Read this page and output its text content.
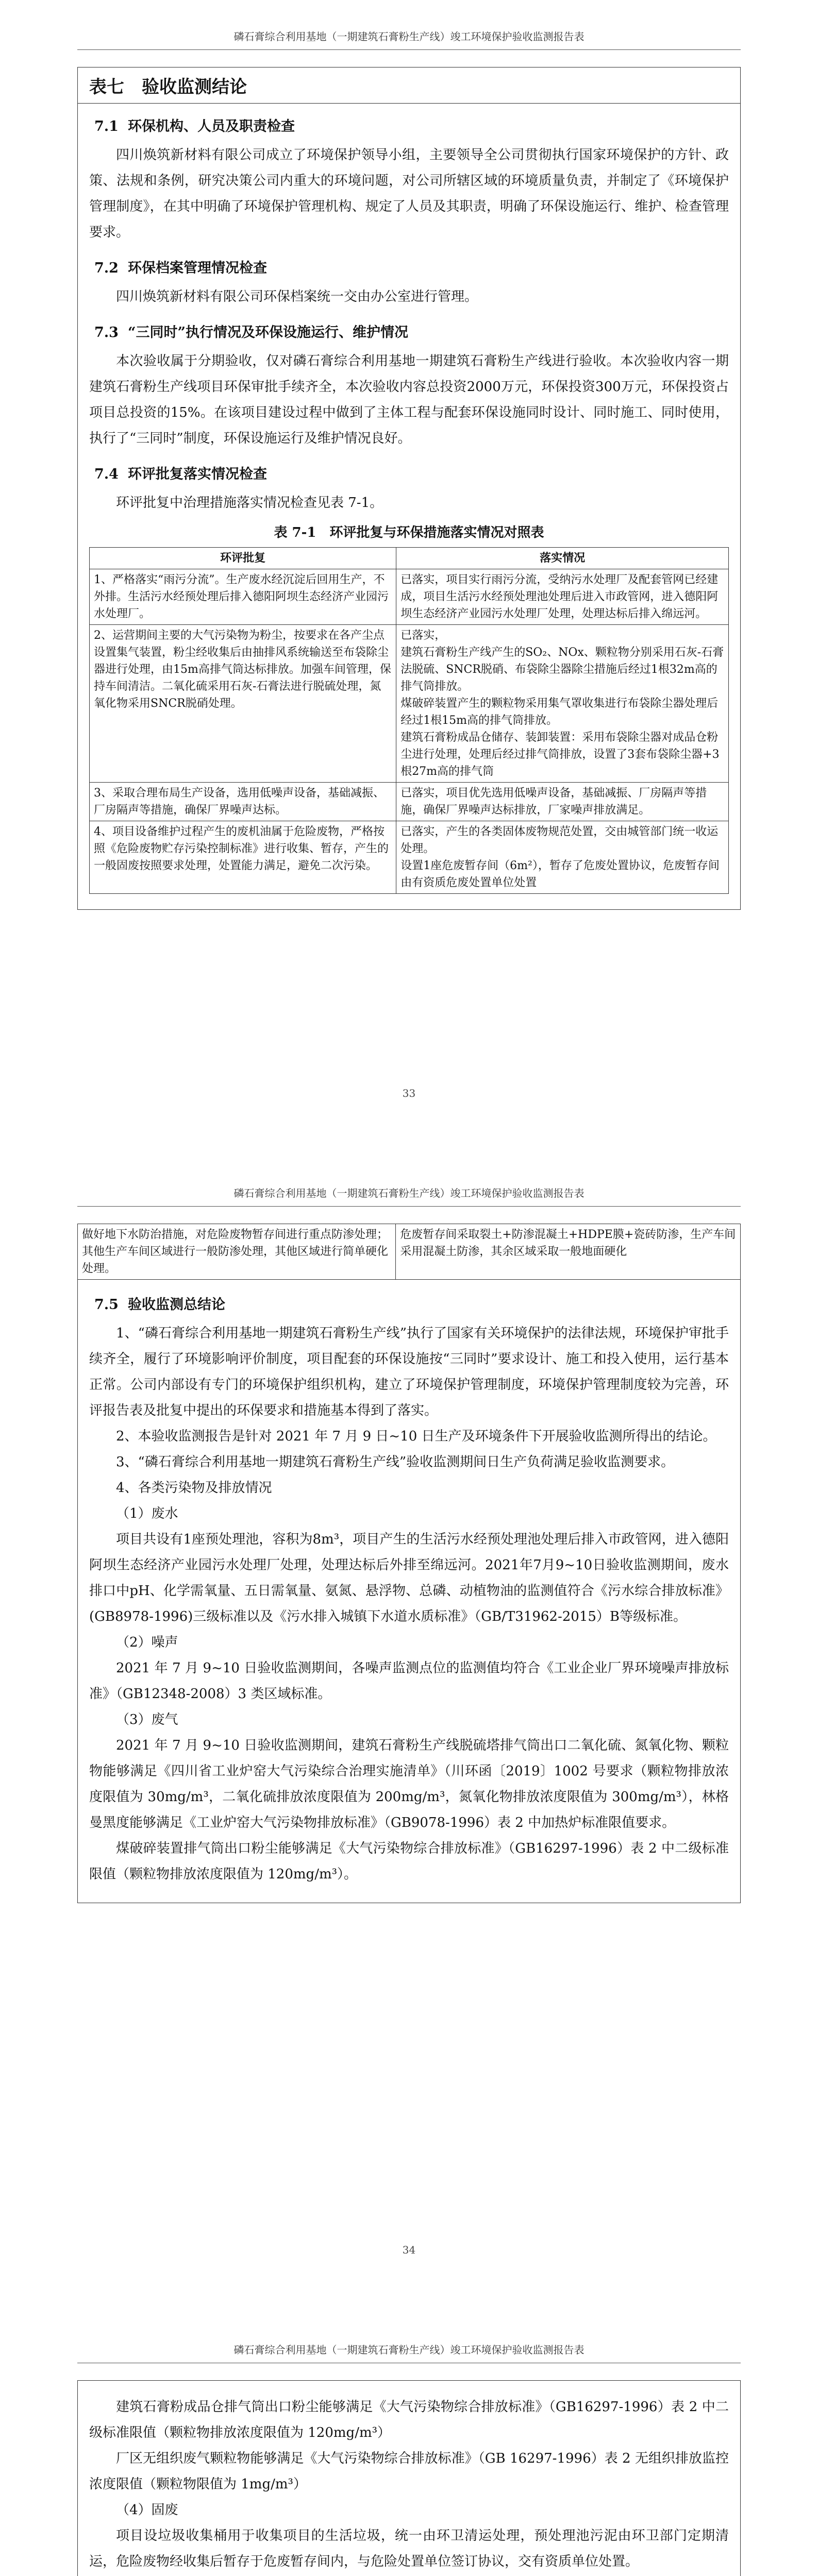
磷石膏综合利用基地（一期建筑石膏粉生产线）竣工环境保护验收监测报告表
表七　验收监测结论
7.1 环保机构、人员及职责检查

四川焕筑新材料有限公司成立了环境保护领导小组，主要领导全公司贯彻执行国家环境保护的方针、政策、法规和条例，研究决策公司内重大的环境问题，对公司所辖区域的环境质量负责，并制定了《环境保护管理制度》，在其中明确了环境保护管理机构、规定了人员及其职责，明确了环保设施运行、维护、检查管理要求。

7.2 环保档案管理情况检查

四川焕筑新材料有限公司环保档案统一交由办公室进行管理。

7.3 “三同时”执行情况及环保设施运行、维护情况

本次验收属于分期验收，仅对磷石膏综合利用基地一期建筑石膏粉生产线进行验收。本次验收内容一期建筑石膏粉生产线项目环保审批手续齐全，本次验收内容总投资2000万元，环保投资300万元，环保投资占项目总投资的15%。在该项目建设过程中做到了主体工程与配套环保设施同时设计、同时施工、同时使用，执行了“三同时”制度，环保设施运行及维护情况良好。

7.4 环评批复落实情况检查

环评批复中治理措施落实情况检查见表 7-1。

表 7-1　环评批复与环保措施落实情况对照表
环评批复	落实情况
1、严格落实“雨污分流”。生产废水经沉淀后回用生产，不外排。生活污水经预处理后排入德阳阿坝生态经济产业园污水处理厂。	已落实，项目实行雨污分流，受纳污水处理厂及配套管网已经建成，项目生活污水经预处理池处理后进入市政管网，进入德阳阿坝生态经济产业园污水处理厂处理，处理达标后排入绵远河。
2、运营期间主要的大气污染物为粉尘，按要求在各产尘点设置集气装置，粉尘经收集后由抽排风系统输送至布袋除尘器进行处理，由15m高排气筒达标排放。加强车间管理，保持车间清洁。二氧化硫采用石灰-石膏法进行脱硫处理，氮氧化物采用SNCR脱硝处理。	已落实，
建筑石膏粉生产线产生的SO₂、NOx、颗粒物分别采用石灰-石膏法脱硫、SNCR脱硝、布袋除尘器除尘措施后经过1根32m高的排气筒排放。
煤破碎装置产生的颗粒物采用集气罩收集进行布袋除尘器处理后经过1根15m高的排气筒排放。
建筑石膏粉成品仓储存、装卸装置：采用布袋除尘器对成品仓粉尘进行处理，处理后经过排气筒排放，设置了3套布袋除尘器+3根27m高的排气筒
3、采取合理布局生产设备，选用低噪声设备，基础减振、厂房隔声等措施，确保厂界噪声达标。	已落实，项目优先选用低噪声设备，基础减振、厂房隔声等措施，确保厂界噪声达标排放，厂家噪声排放满足。
4、项目设备维护过程产生的废机油属于危险废物，严格按照《危险废物贮存污染控制标准》进行收集、暂存，产生的一般固废按照要求处理，处置能力满足，避免二次污染。	已落实，产生的各类固体废物规范处置，交由城管部门统一收运处理。
设置1座危废暂存间（6m²），暂存了危废处置协议，危废暂存间由有资质危废处置单位处置
33
磷石膏综合利用基地（一期建筑石膏粉生产线）竣工环境保护验收监测报告表
做好地下水防治措施，对危险废物暂存间进行重点防渗处理；其他生产车间区域进行一般防渗处理，其他区域进行简单硬化处理。	危废暂存间采取裂土+防渗混凝土+HDPE膜+瓷砖防渗，生产车间采用混凝土防渗，其余区域采取一般地面硬化
7.5 验收监测总结论

1、“磷石膏综合利用基地一期建筑石膏粉生产线”执行了国家有关环境保护的法律法规，环境保护审批手续齐全，履行了环境影响评价制度，项目配套的环保设施按“三同时”要求设计、施工和投入使用，运行基本正常。公司内部设有专门的环境保护组织机构，建立了环境保护管理制度，环境保护管理制度较为完善，环评报告表及批复中提出的环保要求和措施基本得到了落实。

2、本验收监测报告是针对 2021 年 7 月 9 日~10 日生产及环境条件下开展验收监测所得出的结论。

3、“磷石膏综合利用基地一期建筑石膏粉生产线”验收监测期间日生产负荷满足验收监测要求。

4、各类污染物及排放情况

（1）废水

项目共设有1座预处理池，容积为8m³，项目产生的生活污水经预处理池处理后排入市政管网，进入德阳阿坝生态经济产业园污水处理厂处理，处理达标后外排至绵远河。2021年7月9~10日验收监测期间，废水排口中pH、化学需氧量、五日需氧量、氨氮、悬浮物、总磷、动植物油的监测值符合《污水综合排放标准》(GB8978-1996)三级标准以及《污水排入城镇下水道水质标准》（GB/T31962-2015）B等级标准。

（2）噪声

2021 年 7 月 9~10 日验收监测期间，各噪声监测点位的监测值均符合《工业企业厂界环境噪声排放标准》（GB12348-2008）3 类区域标准。

（3）废气

2021 年 7 月 9~10 日验收监测期间，建筑石膏粉生产线脱硫塔排气筒出口二氧化硫、氮氧化物、颗粒物能够满足《四川省工业炉窑大气污染综合治理实施清单》（川环函〔2019〕1002 号要求（颗粒物排放浓度限值为 30mg/m³，二氧化硫排放浓度限值为 200mg/m³，氮氧化物排放浓度限值为 300mg/m³），林格曼黑度能够满足《工业炉窑大气污染物排放标准》（GB9078-1996）表 2 中加热炉标准限值要求。

煤破碎装置排气筒出口粉尘能够满足《大气污染物综合排放标准》（GB16297-1996）表 2 中二级标准限值（颗粒物排放浓度限值为 120mg/m³）。

34
磷石膏综合利用基地（一期建筑石膏粉生产线）竣工环境保护验收监测报告表

建筑石膏粉成品仓排气筒出口粉尘能够满足《大气污染物综合排放标准》（GB16297-1996）表 2 中二级标准限值（颗粒物排放浓度限值为 120mg/m³）

厂区无组织废气颗粒物能够满足《大气污染物综合排放标准》（GB 16297-1996）表 2 无组织排放监控浓度限值（颗粒物限值为 1mg/m³）

（4）固废

项目设垃圾收集桶用于收集项目的生活垃圾，统一由环卫清运处理，预处理池污泥由环卫部门定期清运，危险废物经收集后暂存于危废暂存间内，与危险处置单位签订协议，交有资质单位处置。
